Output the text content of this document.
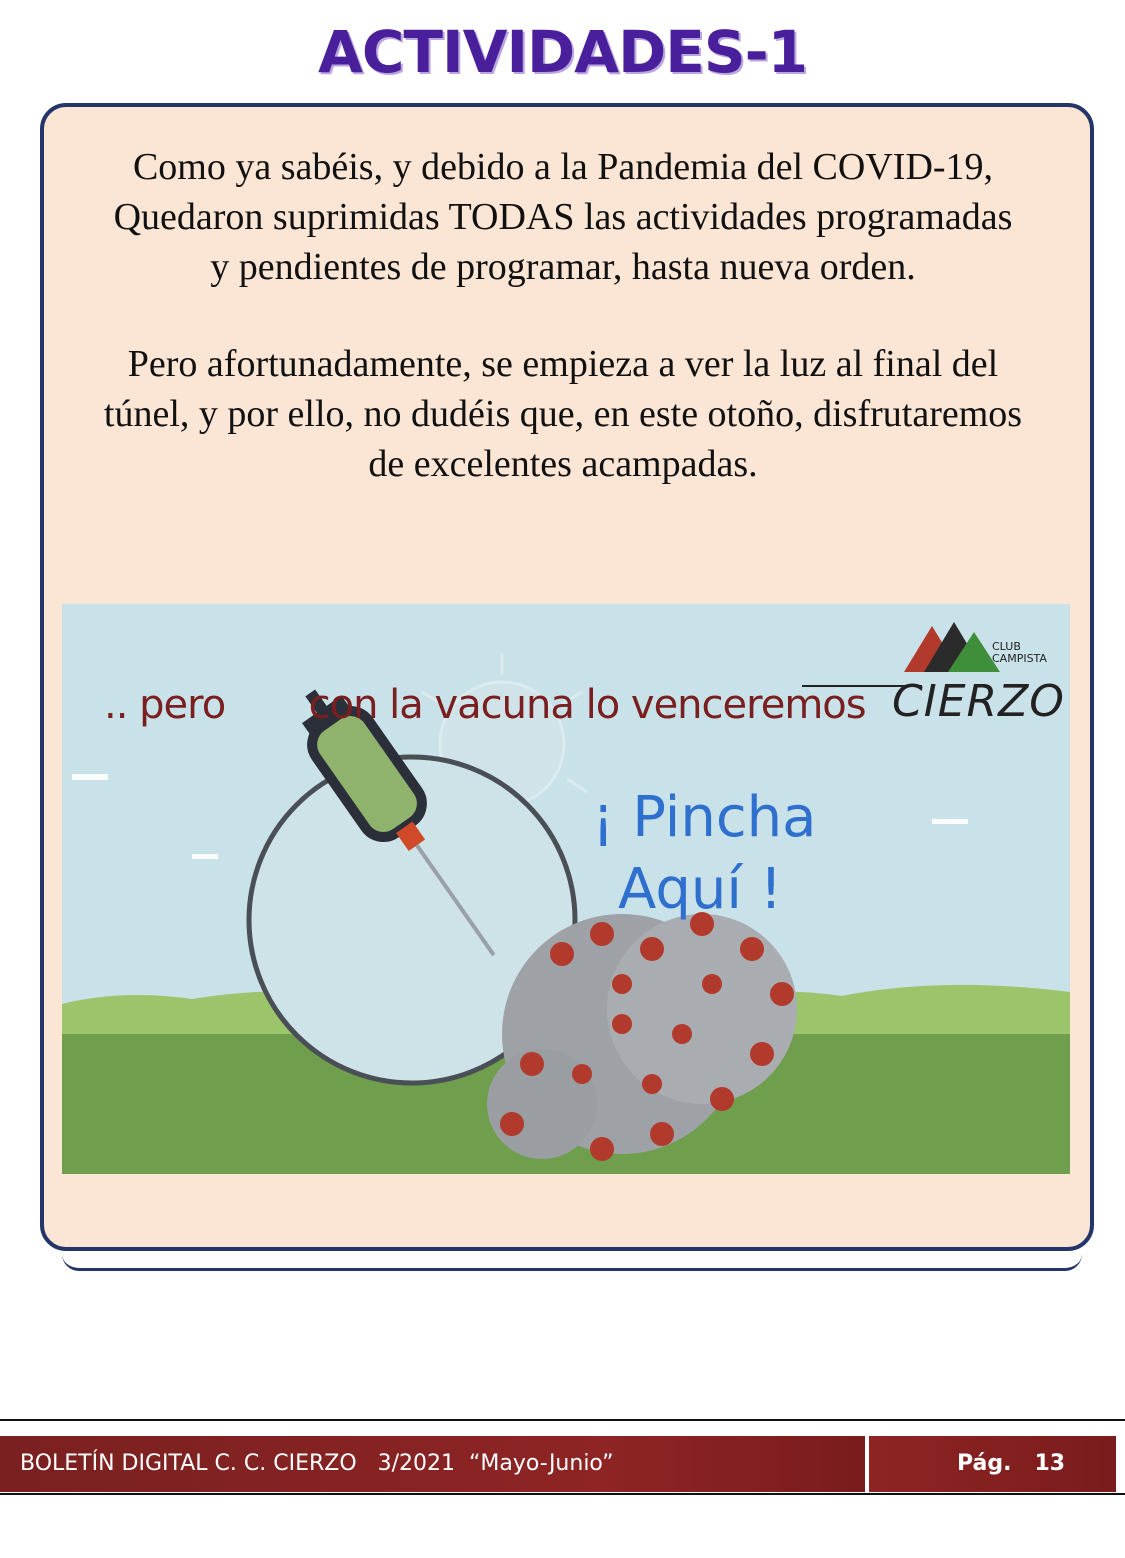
ACTIVIDADES-1

Como ya sabéis, y debido a la Pandemia del COVID-19,
Quedaron suprimidas TODAS las actividades programadas
y pendientes de programar, hasta nueva orden.

Pero afortunadamente, se empieza a ver la luz al final del
túnel, y por ello, no dudéis que, en este otoño, disfrutaremos
de excelentes acampadas.

.. pero con la vacuna lo venceremos
¡ Pincha
Aquí !
CLUB
CAMPISTA
CIERZO
BOLETÍN DIGITAL C. C. CIERZO   3/2021  “Mayo-Junio”	Pág. 13
